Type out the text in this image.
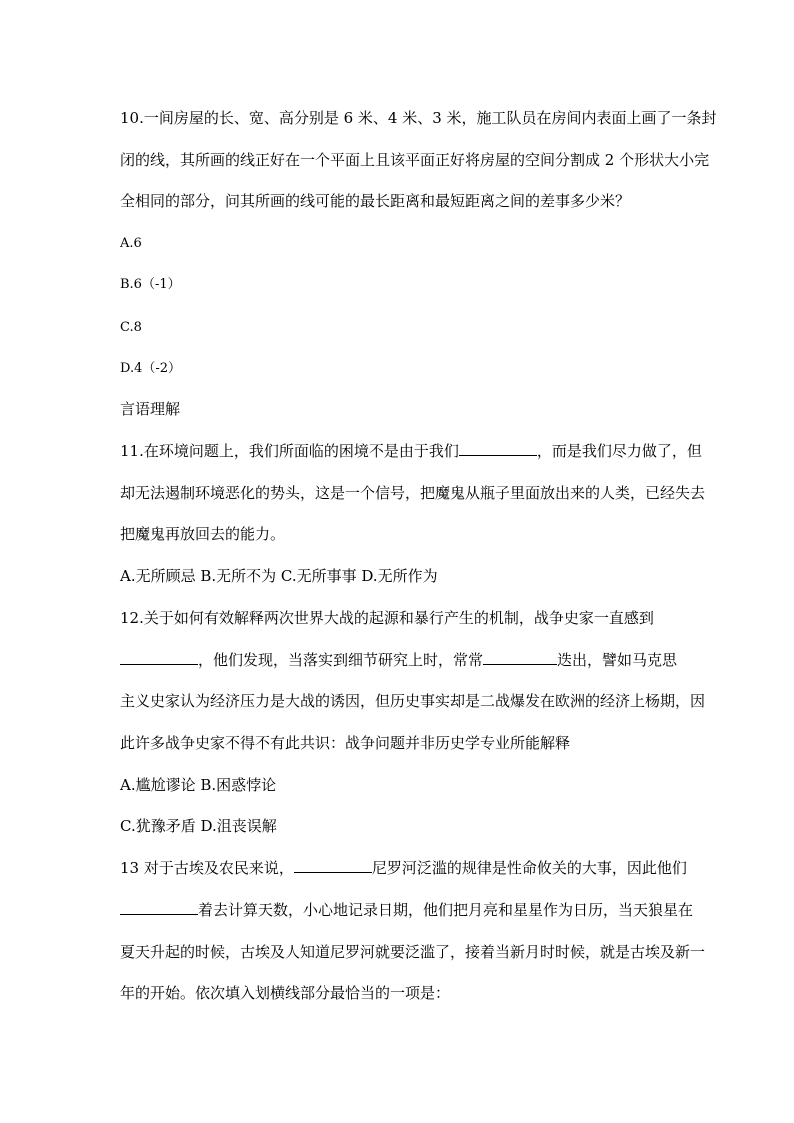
10.一间房屋的长、宽、高分别是 6 米、4 米、3 米，施工队员在房间内表面上画了一条封
闭的线，其所画的线正好在一个平面上且该平面正好将房屋的空间分割成 2 个形状大小完
全相同的部分，问其所画的线可能的最长距离和最短距离之间的差事多少米？
A.6
B.6（-1）
C.8
D.4（-2）
言语理解
11.在环境问题上，我们所面临的困境不是由于我们	，而是我们尽力做了，但
却无法遏制环境恶化的势头，这是一个信号，把魔鬼从瓶子里面放出来的人类，已经失去
把魔鬼再放回去的能力。
A.无所顾忌 B.无所不为 C.无所事事 D.无所作为
12.关于如何有效解释两次世界大战的起源和暴行产生的机制，战争史家一直感到
，他们发现，当落实到细节研究上时，常常	迭出，譬如马克思
主义史家认为经济压力是大战的诱因，但历史事实却是二战爆发在欧洲的经济上杨期，因
此许多战争史家不得不有此共识：战争问题并非历史学专业所能解释
A.尴尬谬论 B.困惑悖论
C.犹豫矛盾 D.沮丧误解
13 对于古埃及农民来说，	尼罗河泛滥的规律是性命攸关的大事，因此他们
着去计算天数，小心地记录日期，他们把月亮和星星作为日历，当天狼星在
夏天升起的时候，古埃及人知道尼罗河就要泛滥了，接着当新月时时候，就是古埃及新一
年的开始。依次填入划横线部分最恰当的一项是：
